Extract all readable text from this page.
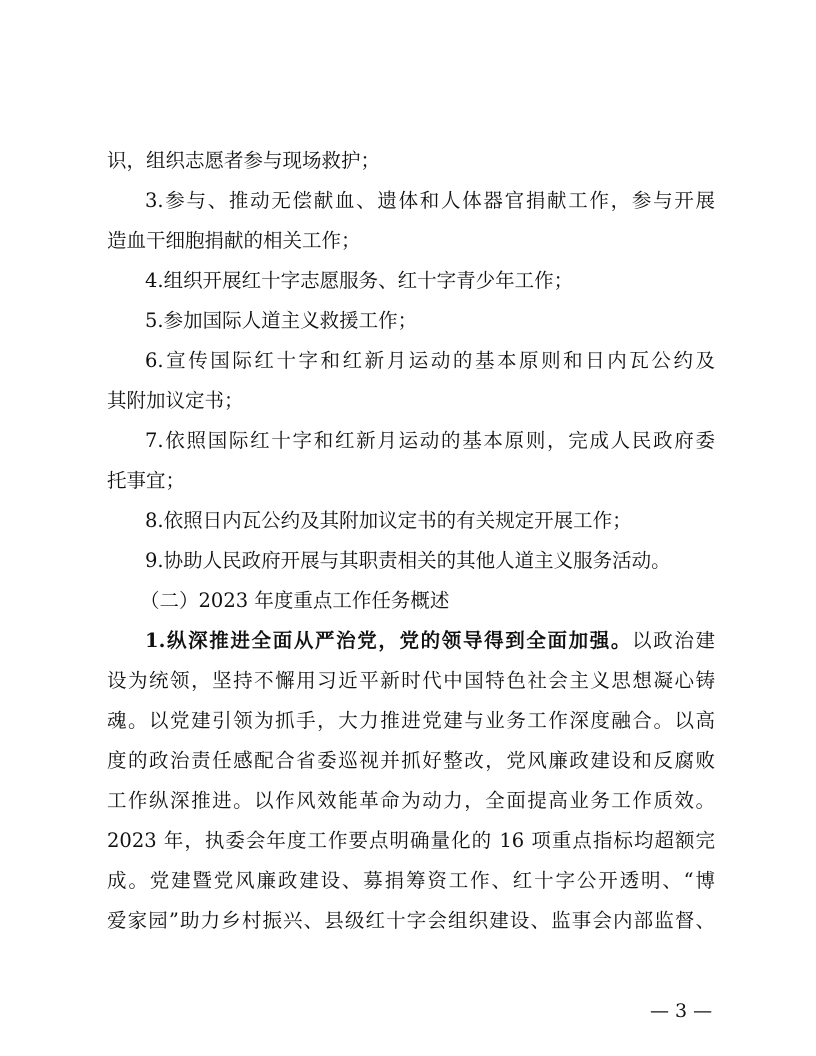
识，组织志愿者参与现场救护；
3.参与、推动无偿献血、遗体和人体器官捐献工作，参与开展
造血干细胞捐献的相关工作；
4.组织开展红十字志愿服务、红十字青少年工作；
5.参加国际人道主义救援工作；
6.宣传国际红十字和红新月运动的基本原则和日内瓦公约及
其附加议定书；
7.依照国际红十字和红新月运动的基本原则，完成人民政府委
托事宜；
8.依照日内瓦公约及其附加议定书的有关规定开展工作；
9.协助人民政府开展与其职责相关的其他人道主义服务活动。
（二）2023 年度重点工作任务概述
1.纵深推进全面从严治党，党的领导得到全面加强。以政治建
设为统领，坚持不懈用习近平新时代中国特色社会主义思想凝心铸
魂。以党建引领为抓手，大力推进党建与业务工作深度融合。以高
度的政治责任感配合省委巡视并抓好整改，党风廉政建设和反腐败
工作纵深推进。以作风效能革命为动力，全面提高业务工作质效。
2023 年，执委会年度工作要点明确量化的 16 项重点指标均超额完
成。党建暨党风廉政建设、募捐筹资工作、红十字公开透明、“博
爱家园”助力乡村振兴、县级红十字会组织建设、监事会内部监督、
— 3 —
